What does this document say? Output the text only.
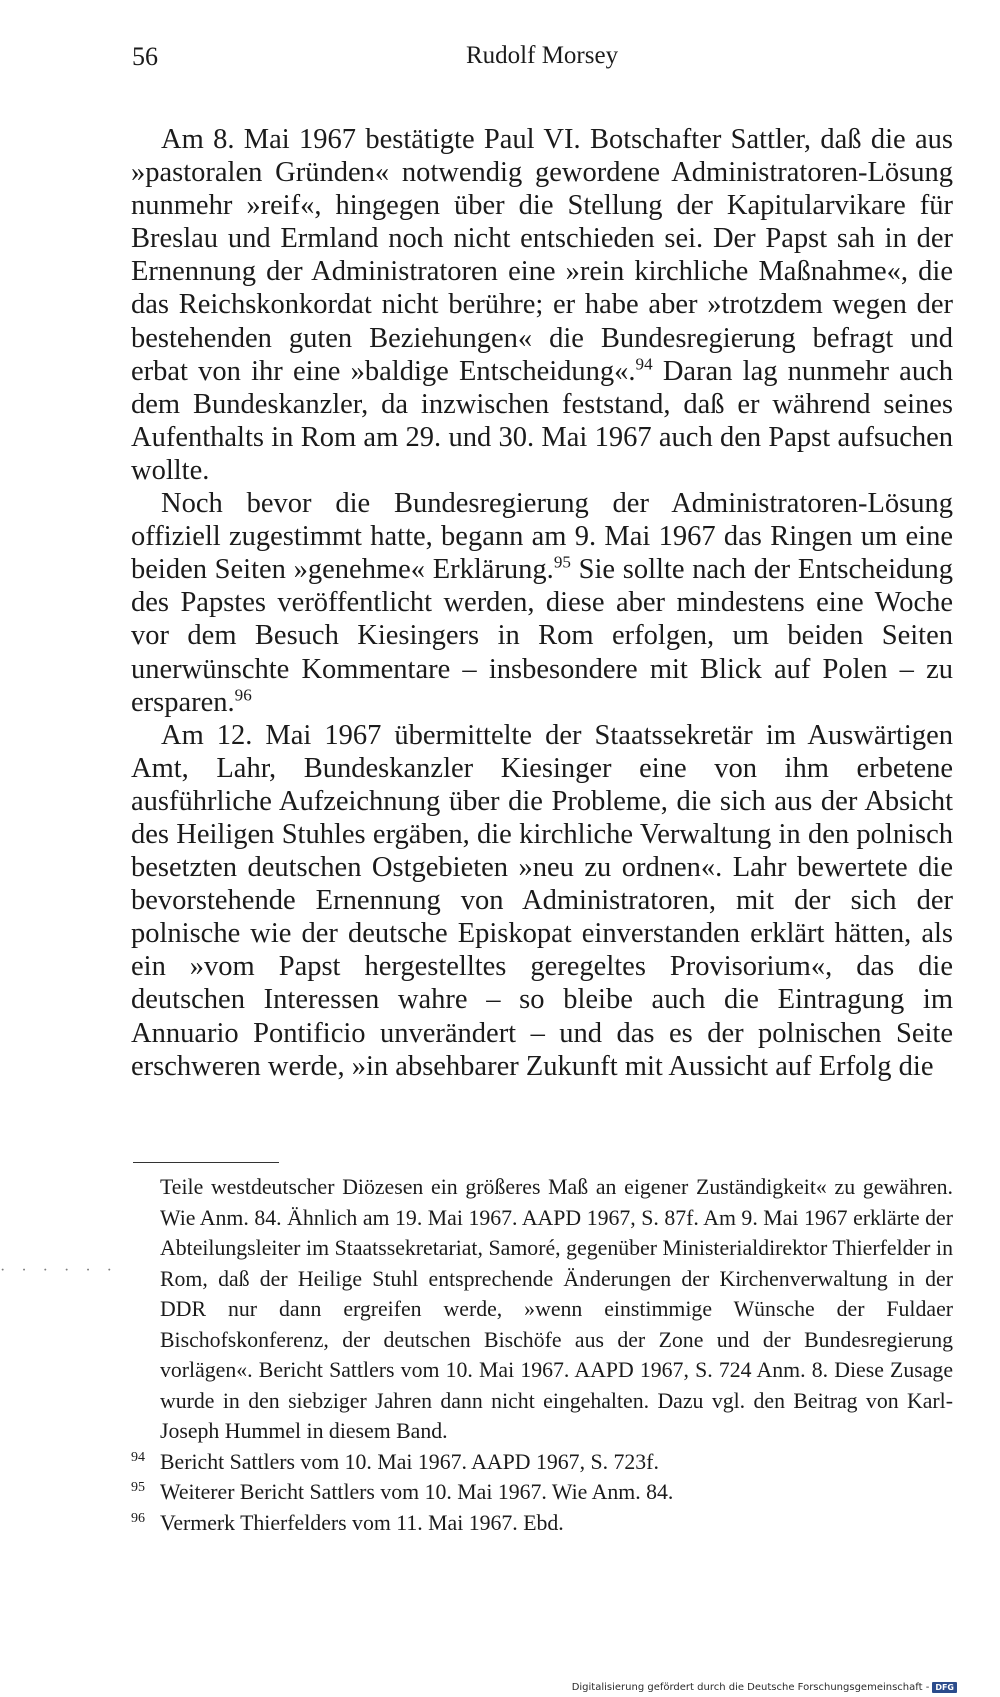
56	Rudolf Morsey

Am 8. Mai 1967 bestätigte Paul VI. Botschafter Sattler, daß die aus »pastoralen Gründen« notwendig gewordene Administratoren-Lösung nunmehr »reif«, hingegen über die Stellung der Kapitularvikare für Breslau und Ermland noch nicht entschieden sei. Der Papst sah in der Ernennung der Administratoren eine »rein kirchliche Maßnahme«, die das Reichskonkordat nicht berühre; er habe aber »trotzdem wegen der bestehenden guten Beziehungen« die Bundesregierung befragt und erbat von ihr eine »baldige Entscheidung«.$^{94}$ Daran lag nunmehr auch dem Bundeskanzler, da inzwischen feststand, daß er während seines Aufenthalts in Rom am 29. und 30. Mai 1967 auch den Papst aufsuchen wollte.

Noch bevor die Bundesregierung der Administratoren-Lösung offiziell zugestimmt hatte, begann am 9. Mai 1967 das Ringen um eine beiden Seiten »genehme« Erklärung.$^{95}$ Sie sollte nach der Entscheidung des Papstes veröffentlicht werden, diese aber mindestens eine Woche vor dem Besuch Kiesingers in Rom erfolgen, um beiden Seiten unerwünschte Kommentare – insbesondere mit Blick auf Polen – zu ersparen.$^{96}$

Am 12. Mai 1967 übermittelte der Staatssekretär im Auswärtigen Amt, Lahr, Bundeskanzler Kiesinger eine von ihm erbetene ausführliche Aufzeichnung über die Probleme, die sich aus der Absicht des Heiligen Stuhles ergäben, die kirchliche Verwaltung in den polnisch besetzten deutschen Ostgebieten »neu zu ordnen«. Lahr bewertete die bevorstehende Ernennung von Administratoren, mit der sich der polnische wie der deutsche Episkopat einverstanden erklärt hätten, als ein »vom Papst hergestelltes geregeltes Provisorium«, das die deutschen Interessen wahre – so bleibe auch die Eintragung im Annuario Pontificio unverändert – und das es der polnischen Seite erschweren werde, »in absehbarer Zukunft mit Aussicht auf Erfolg die

· · · · · ·

Teile westdeutscher Diözesen ein größeres Maß an eigener Zuständigkeit« zu gewähren. Wie Anm. 84. Ähnlich am 19. Mai 1967. AAPD 1967, S. 87f. Am 9. Mai 1967 erklärte der Abteilungsleiter im Staatssekretariat, Samoré, gegenüber Ministerialdirektor Thierfelder in Rom, daß der Heilige Stuhl entsprechende Änderungen der Kirchenverwaltung in der DDR nur dann ergreifen werde, »wenn einstimmige Wünsche der Fuldaer Bischofskonferenz, der deutschen Bischöfe aus der Zone und der Bundesregierung vorlägen«. Bericht Sattlers vom 10. Mai 1967. AAPD 1967, S. 724 Anm. 8. Diese Zusage wurde in den siebziger Jahren dann nicht eingehalten. Dazu vgl. den Beitrag von Karl-Joseph Hummel in diesem Band.

94 Bericht Sattlers vom 10. Mai 1967. AAPD 1967, S. 723f.
95 Weiterer Bericht Sattlers vom 10. Mai 1967. Wie Anm. 84.
96 Vermerk Thierfelders vom 11. Mai 1967. Ebd.
Digitalisierung gefördert durch die Deutsche Forschungsgemeinschaft - DFG
